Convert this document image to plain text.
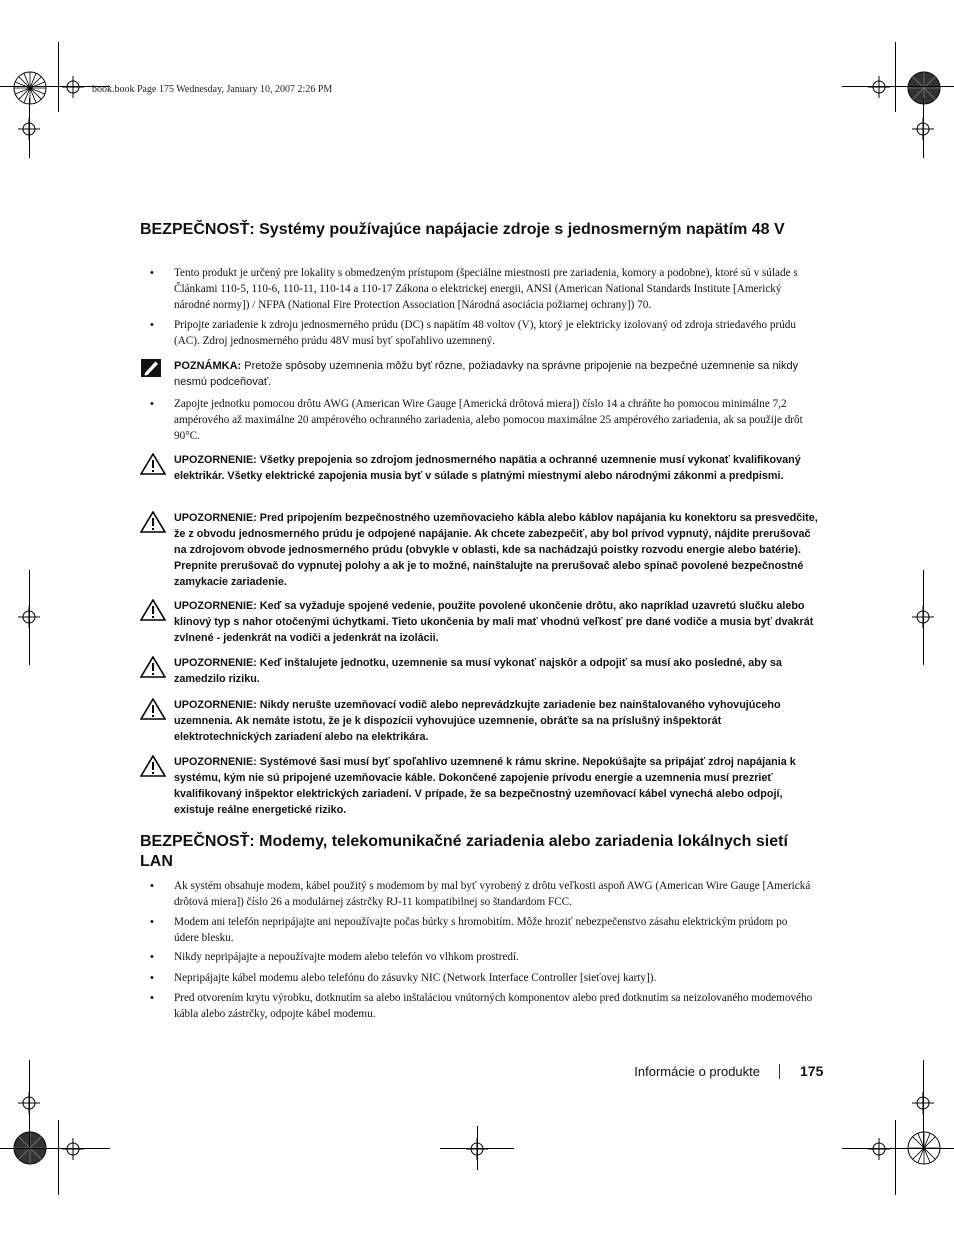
book.book Page 175 Wednesday, January 10, 2007 2:26 PM
BEZPEČNOSŤ: Systémy používajúce napájacie zdroje s jednosmerným napätím 48 V
• Tento produkt je určený pre lokality s obmedzeným prístupom (špeciálne miestnosti pre zariadenia, komory a podobne), ktoré sú v súlade s Článkami 110-5, 110-6, 110-11, 110-14 a 110-17 Zákona o elektrickej energii, ANSI (American National Standards Institute [Americký národné normy]) / NFPA (National Fire Protection Association [Národná asociácia požiarnej ochrany]) 70.
• Pripojte zariadenie k zdroju jednosmerného prúdu (DC) s napätím 48 voltov (V), ktorý je elektricky izolovaný od zdroja striedavého prúdu (AC). Zdroj jednosmerného prúdu 48V musí byť spoľahlivo uzemnený.
POZNÁMKA: Pretože spôsoby uzemnenia môžu byť rôzne, požiadavky na správne pripojenie na bezpečné uzemnenie sa nikdy nesmú podceňovať.
• Zapojte jednotku pomocou drôtu AWG (American Wire Gauge [Americká drôtová miera]) číslo 14 a chráňte ho pomocou minimálne 7,2 ampérového až maximálne 20 ampérového ochranného zariadenia, alebo pomocou maximálne 25 ampérového zariadenia, ak sa použije drôt 90°C.
UPOZORNENIE: Všetky prepojenia so zdrojom jednosmerného napätia a ochranné uzemnenie musí vykonať kvalifikovaný elektrikár. Všetky elektrické zapojenia musia byť v súlade s platnými miestnymi alebo národnými zákonmi a predpismi.
UPOZORNENIE: Pred pripojením bezpečnostného uzemňovacieho kábla alebo káblov napájania ku konektoru sa presvedčite, že z obvodu jednosmerného prúdu je odpojené napájanie. Ak chcete zabezpečiť, aby bol prívod vypnutý, nájdite prerušovač na zdrojovom obvode jednosmerného prúdu (obvykle v oblasti, kde sa nachádzajú poistky rozvodu energie alebo batérie). Prepnite prerušovač do vypnutej polohy a ak je to možné, nainštalujte na prerušovač alebo spínač povolené bezpečnostné zamykacie zariadenie.
UPOZORNENIE: Keď sa vyžaduje spojené vedenie, použite povolené ukončenie drôtu, ako napríklad uzavretú slučku alebo klinový typ s nahor otočenými úchytkami. Tieto ukončenia by mali mať vhodnú veľkosť pre dané vodiče a musia byť dvakrát zvlnené - jedenkrát na vodiči a jedenkrát na izolácii.
UPOZORNENIE: Keď inštalujete jednotku, uzemnenie sa musí vykonať najskôr a odpojiť sa musí ako posledné, aby sa zamedzilo riziku.
UPOZORNENIE: Nikdy nerušte uzemňovací vodič alebo neprevádzkujte zariadenie bez nainštalovaného vyhovujúceho uzemnenia. Ak nemáte istotu, že je k dispozícii vyhovujúce uzemnenie, obráťte sa na príslušný inšpektorát elektrotechnických zariadení alebo na elektrikára.
UPOZORNENIE: Systémové šasi musí byť spoľahlivo uzemnené k rámu skrine. Nepokúšajte sa pripájať zdroj napájania k systému, kým nie sú pripojené uzemňovacie káble. Dokončené zapojenie prívodu energie a uzemnenia musí prezrieť kvalifikovaný inšpektor elektrických zariadení. V prípade, že sa bezpečnostný uzemňovací kábel vynechá alebo odpojí, existuje reálne energetické riziko.
BEZPEČNOSŤ: Modemy, telekomunikačné zariadenia alebo zariadenia lokálnych sietí LAN
• Ak systém obsahuje modem, kábel použitý s modemom by mal byť vyrobený z drôtu veľkosti aspoň AWG (American Wire Gauge [Americká drôtová miera]) číslo 26 a modulárnej zástrčky RJ-11 kompatibilnej so štandardom FCC.
• Modem ani telefón nepripájajte ani nepoužívajte počas búrky s hromobitím. Môže hroziť nebezpečenstvo zásahu elektrickým prúdom po údere blesku.
• Nikdy nepripájajte a nepoužívajte modem alebo telefón vo vlhkom prostredí.
• Nepripájajte kábel modemu alebo telefónu do zásuvky NIC (Network Interface Controller [sieťovej karty]).
• Pred otvorením krytu výrobku, dotknutím sa alebo inštaláciou vnútorných komponentov alebo pred dotknutím sa neizolovaného modemového kábla alebo zástrčky, odpojte kábel modemu.
Informácie o produkte	175
